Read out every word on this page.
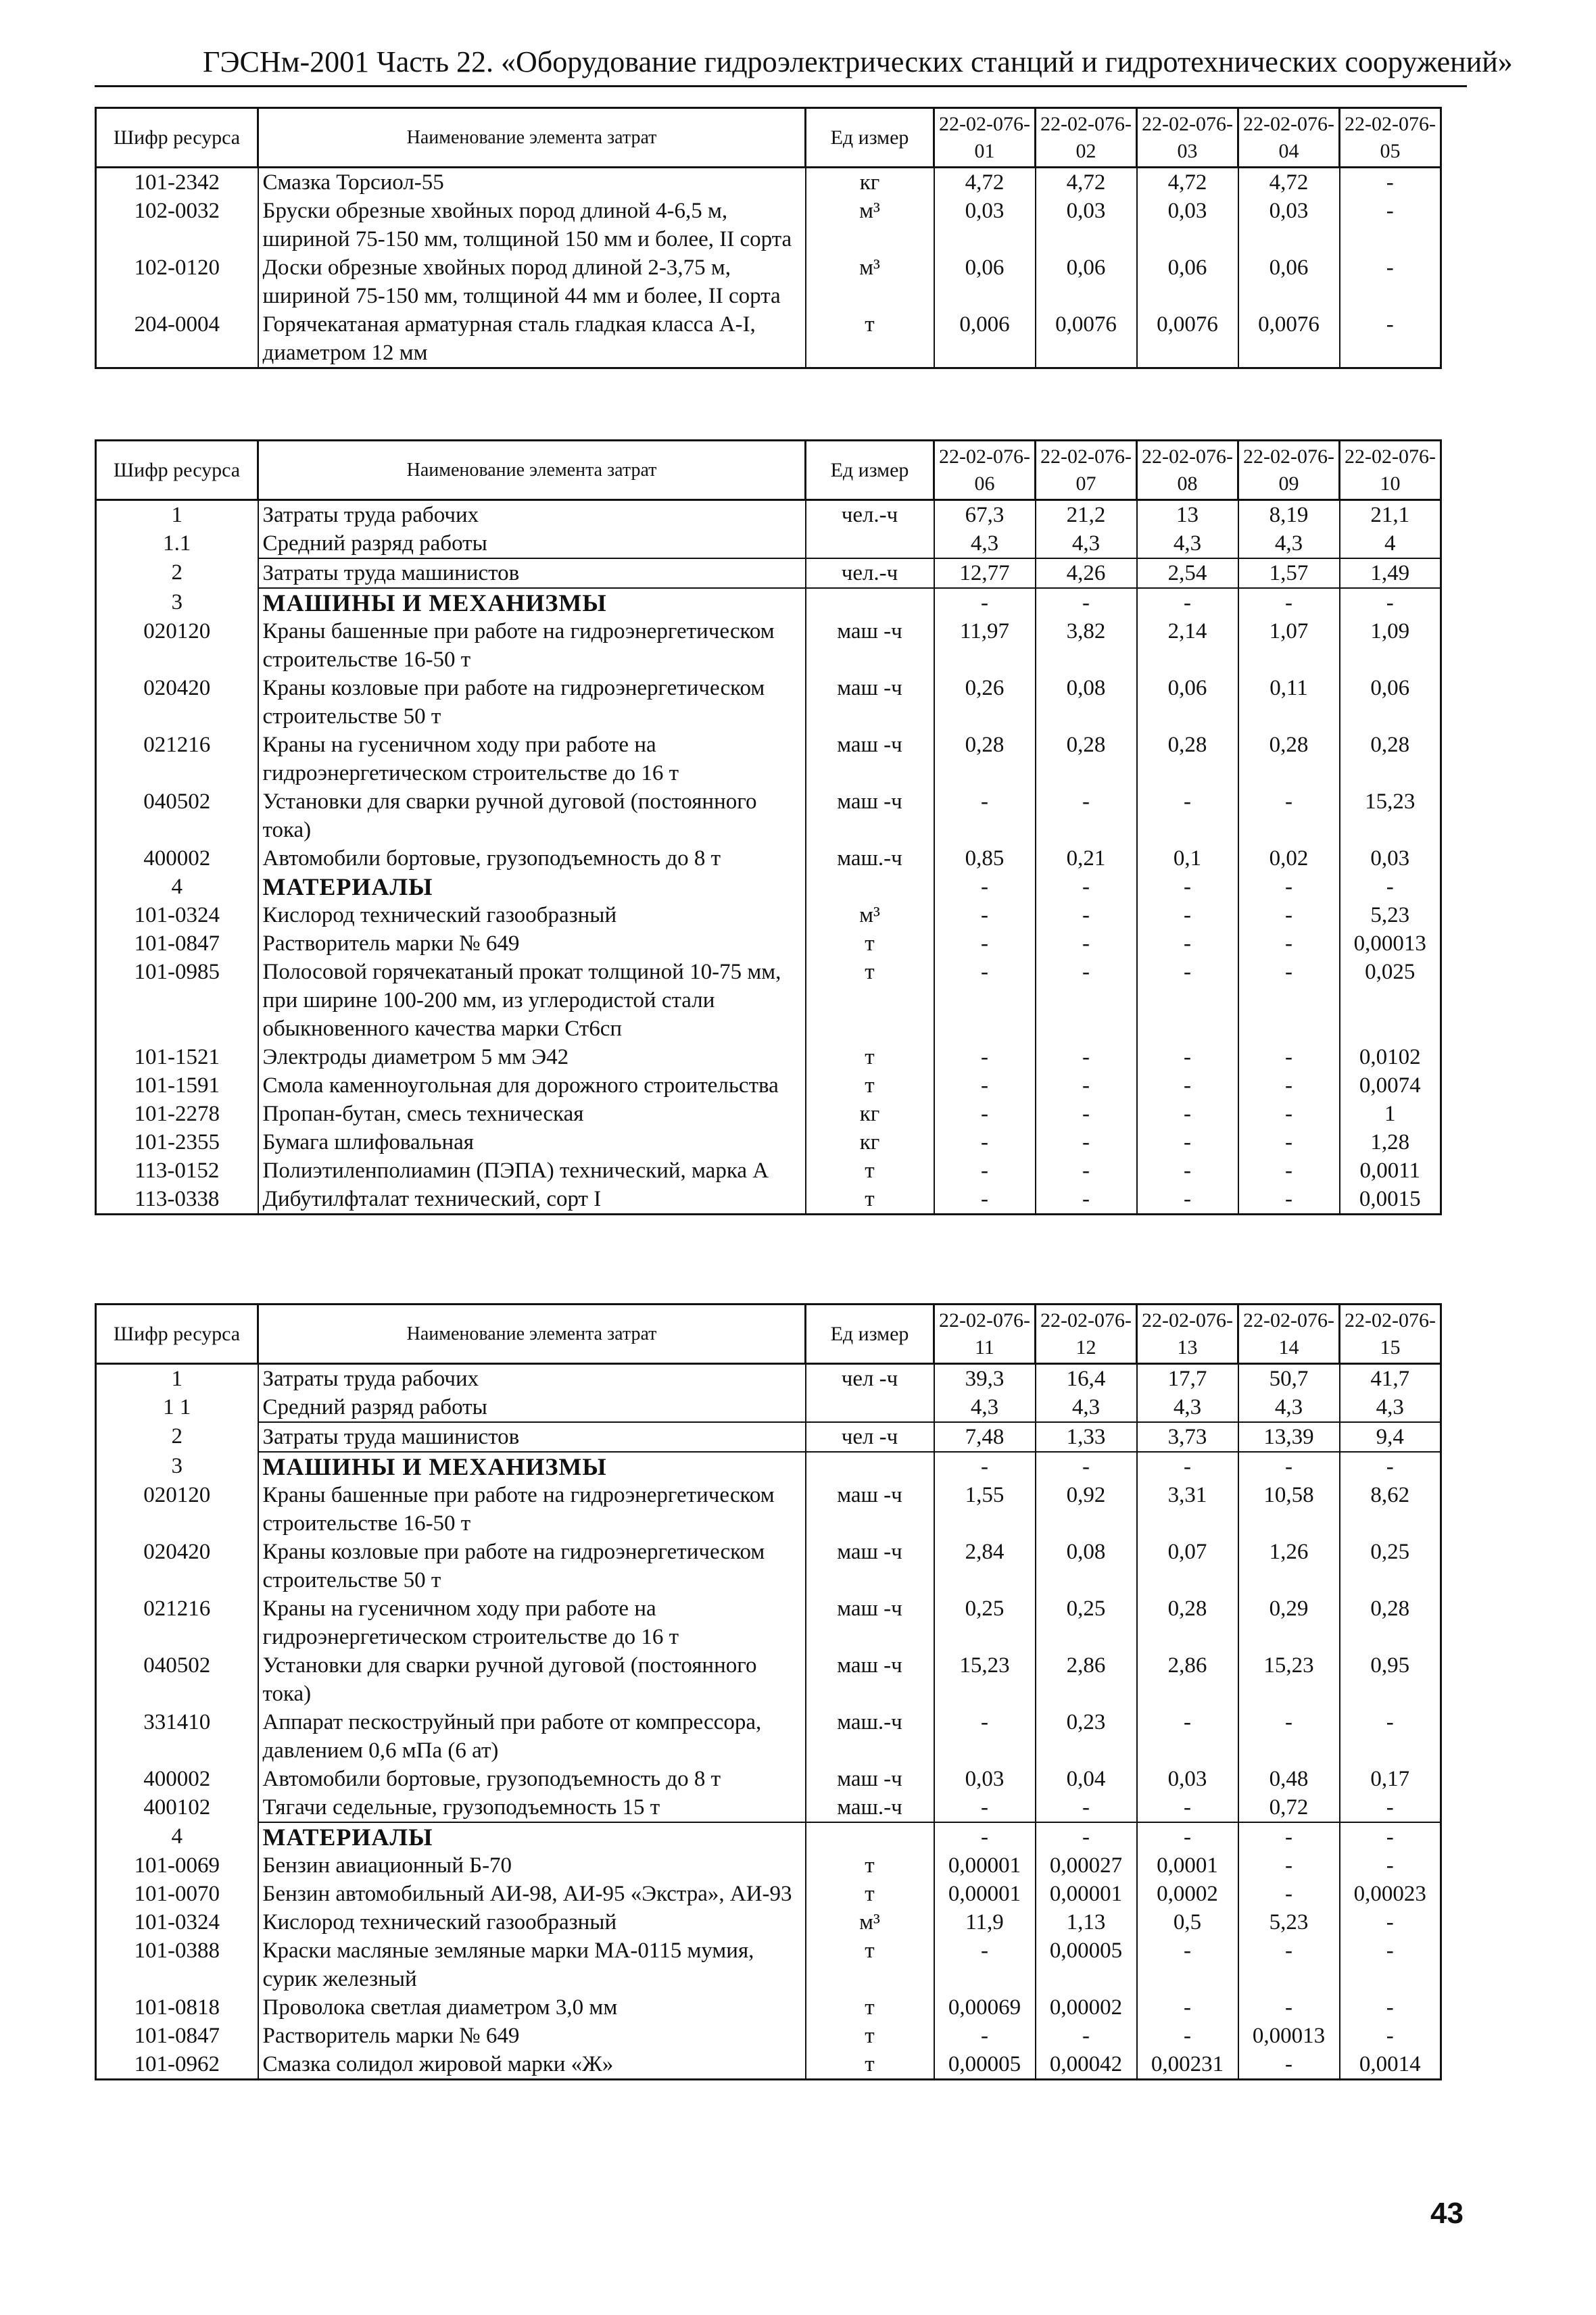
ГЭСНм-2001 Часть 22. «Оборудование гидроэлектрических станций и гидротехнических сооружений»
Шифр ресурса	Наименование элемента затрат	Ед измер	22-02-076-01	22-02-076-02	22-02-076-03	22-02-076-04	22-02-076-05
101-2342	Смазка Торсиол-55	кг	4,72	4,72	4,72	4,72	-
102-0032	Бруски обрезные хвойных пород длиной 4-6,5 м, шириной 75-150 мм, толщиной 150 мм и более, II сорта	м³	0,03	0,03	0,03	0,03	-
102-0120	Доски обрезные хвойных пород длиной 2-3,75 м, шириной 75-150 мм, толщиной 44 мм и более, II сорта	м³	0,06	0,06	0,06	0,06	-
204-0004	Горячекатаная арматурная сталь гладкая класса А-I, диаметром 12 мм	т	0,006	0,0076	0,0076	0,0076	-
Шифр ресурса	Наименование элемента затрат	Ед измер	22-02-076-06	22-02-076-07	22-02-076-08	22-02-076-09	22-02-076-10
1	Затраты труда рабочих	чел.-ч	67,3	21,2	13	8,19	21,1
1.1	Средний разряд работы		4,3	4,3	4,3	4,3	4
2	Затраты труда машинистов	чел.-ч	12,77	4,26	2,54	1,57	1,49
3	МАШИНЫ И МЕХАНИЗМЫ		-	-	-	-	-
020120	Краны башенные при работе на гидроэнергетическом строительстве 16-50 т	маш -ч	11,97	3,82	2,14	1,07	1,09
020420	Краны козловые при работе на гидроэнергетическом строительстве 50 т	маш -ч	0,26	0,08	0,06	0,11	0,06
021216	Краны на гусеничном ходу при работе на гидроэнергетическом строительстве до 16 т	маш -ч	0,28	0,28	0,28	0,28	0,28
040502	Установки для сварки ручной дуговой (постоянного тока)	маш -ч	-	-	-	-	15,23
400002	Автомобили бортовые, грузоподъемность до 8 т	маш.-ч	0,85	0,21	0,1	0,02	0,03
4	МАТЕРИАЛЫ		-	-	-	-	-
101-0324	Кислород технический газообразный	м³	-	-	-	-	5,23
101-0847	Растворитель марки № 649	т	-	-	-	-	0,00013
101-0985	Полосовой горячекатаный прокат толщиной 10-75 мм, при ширине 100-200 мм, из углеродистой стали обыкновенного качества марки Ст6сп	т	-	-	-	-	0,025
101-1521	Электроды диаметром 5 мм Э42	т	-	-	-	-	0,0102
101-1591	Смола каменноугольная для дорожного строительства	т	-	-	-	-	0,0074
101-2278	Пропан-бутан, смесь техническая	кг	-	-	-	-	1
101-2355	Бумага шлифовальная	кг	-	-	-	-	1,28
113-0152	Полиэтиленполиамин (ПЭПА) технический, марка А	т	-	-	-	-	0,0011
113-0338	Дибутилфталат технический, сорт I	т	-	-	-	-	0,0015
Шифр ресурса	Наименование элемента затрат	Ед измер	22-02-076-11	22-02-076-12	22-02-076-13	22-02-076-14	22-02-076-15
1	Затраты труда рабочих	чел -ч	39,3	16,4	17,7	50,7	41,7
1 1	Средний разряд работы		4,3	4,3	4,3	4,3	4,3
2	Затраты труда машинистов	чел -ч	7,48	1,33	3,73	13,39	9,4
3	МАШИНЫ И МЕХАНИЗМЫ		-	-	-	-	-
020120	Краны башенные при работе на гидроэнергетическом строительстве 16-50 т	маш -ч	1,55	0,92	3,31	10,58	8,62
020420	Краны козловые при работе на гидроэнергетическом строительстве 50 т	маш -ч	2,84	0,08	0,07	1,26	0,25
021216	Краны на гусеничном ходу при работе на гидроэнергетическом строительстве до 16 т	маш -ч	0,25	0,25	0,28	0,29	0,28
040502	Установки для сварки ручной дуговой (постоянного тока)	маш -ч	15,23	2,86	2,86	15,23	0,95
331410	Аппарат пескоструйный при работе от компрессора, давлением 0,6 мПа (6 ат)	маш.-ч	-	0,23	-	-	-
400002	Автомобили бортовые, грузоподъемность до 8 т	маш -ч	0,03	0,04	0,03	0,48	0,17
400102	Тягачи седельные, грузоподъемность 15 т	маш.-ч	-	-	-	0,72	-
4	МАТЕРИАЛЫ		-	-	-	-	-
101-0069	Бензин авиационный Б-70	т	0,00001	0,00027	0,0001	-	-
101-0070	Бензин автомобильный АИ-98, АИ-95 «Экстра», АИ-93	т	0,00001	0,00001	0,0002	-	0,00023
101-0324	Кислород технический газообразный	м³	11,9	1,13	0,5	5,23	-
101-0388	Краски масляные земляные марки МА-0115 мумия, сурик железный	т	-	0,00005	-	-	-
101-0818	Проволока светлая диаметром 3,0 мм	т	0,00069	0,00002	-	-	-
101-0847	Растворитель марки № 649	т	-	-	-	0,00013	-
101-0962	Смазка солидол жировой марки «Ж»	т	0,00005	0,00042	0,00231	-	0,0014
43
